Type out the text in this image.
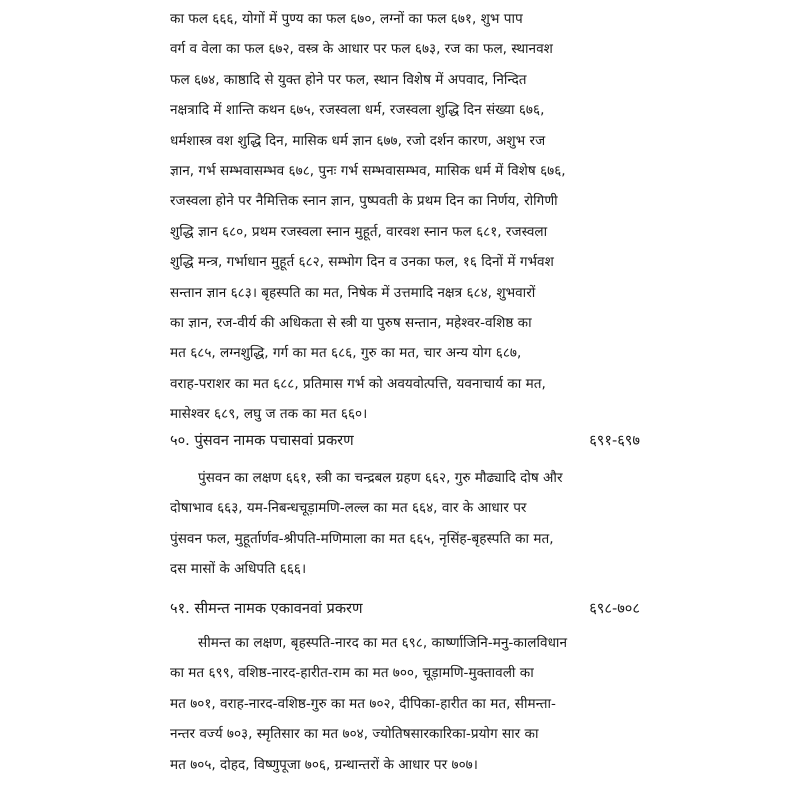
का फल ६६६, योगों में पुण्य का फल ६७०, लग्नों का फल ६७१, शुभ पाप

वर्ग व वेला का फल ६७२, वस्त्र के आधार पर फल ६७३, रज का फल, स्थानवश

फल ६७४, काष्ठादि से युक्त होने पर फल, स्थान विशेष में अपवाद, निन्दित

नक्षत्रादि में शान्ति कथन ६७५, रजस्वला धर्म, रजस्वला शुद्धि दिन संख्या ६७६,

धर्मशास्त्र वश शुद्धि दिन, मासिक धर्म ज्ञान ६७७, रजो दर्शन कारण, अशुभ रज

ज्ञान, गर्भ सम्भवासम्भव ६७८, पुनः गर्भ सम्भवासम्भव, मासिक धर्म में विशेष ६७६,

रजस्वला होने पर नैमित्तिक स्नान ज्ञान, पुष्पवती के प्रथम दिन का निर्णय, रोगिणी

शुद्धि ज्ञान ६८०, प्रथम रजस्वला स्नान मुहूर्त, वारवश स्नान फल ६८१, रजस्वला

शुद्धि मन्त्र, गर्भाधान मुहूर्त ६८२, सम्भोग दिन व उनका फल, १६ दिनों में गर्भवश

सन्तान ज्ञान ६८३। बृहस्पति का मत, निषेक में उत्तमादि नक्षत्र ६८४, शुभवारों

का ज्ञान, रज-वीर्य की अधिकता से स्त्री या पुरुष सन्तान, महेश्वर-वशिष्ठ का

मत ६८५, लग्नशुद्धि, गर्ग का मत ६८६, गुरु का मत, चार अन्य योग ६८७,

वराह-पराशर का मत ६८८, प्रतिमास गर्भ को अवयवोत्पत्ति, यवनाचार्य का मत,

मासेश्वर ६८९, लघु ज तक का मत ६६०।

५०. पुंसवन नामक पचासवां प्रकरण	६९१-६९७

पुंसवन का लक्षण ६६१, स्त्री का चन्द्रबल ग्रहण ६६२, गुरु मौढ्यादि दोष और

दोषाभाव ६६३, यम-निबन्धचूड़ामणि-लल्ल का मत ६६४, वार के आधार पर

पुंसवन फल, मुहूर्तार्णव-श्रीपति-मणिमाला का मत ६६५, नृसिंह-बृहस्पति का मत,

दस मासों के अधिपति ६६६।

५१. सीमन्त नामक एकावनवां प्रकरण	६९८-७०८

सीमन्त का लक्षण, बृहस्पति-नारद का मत ६९८, कार्ष्णाजिनि-मनु-कालविधान

का मत ६९९, वशिष्ठ-नारद-हारीत-राम का मत ७००, चूड़ामणि-मुक्तावली का

मत ७०१, वराह-नारद-वशिष्ठ-गुरु का मत ७०२, दीपिका-हारीत का मत, सीमन्ता-

नन्तर वर्ज्य ७०३, स्मृतिसार का मत ७०४, ज्योतिषसारकारिका-प्रयोग सार का

मत ७०५, दोहद, विष्णुपूजा ७०६, ग्रन्थान्तरों के आधार पर ७०७।
